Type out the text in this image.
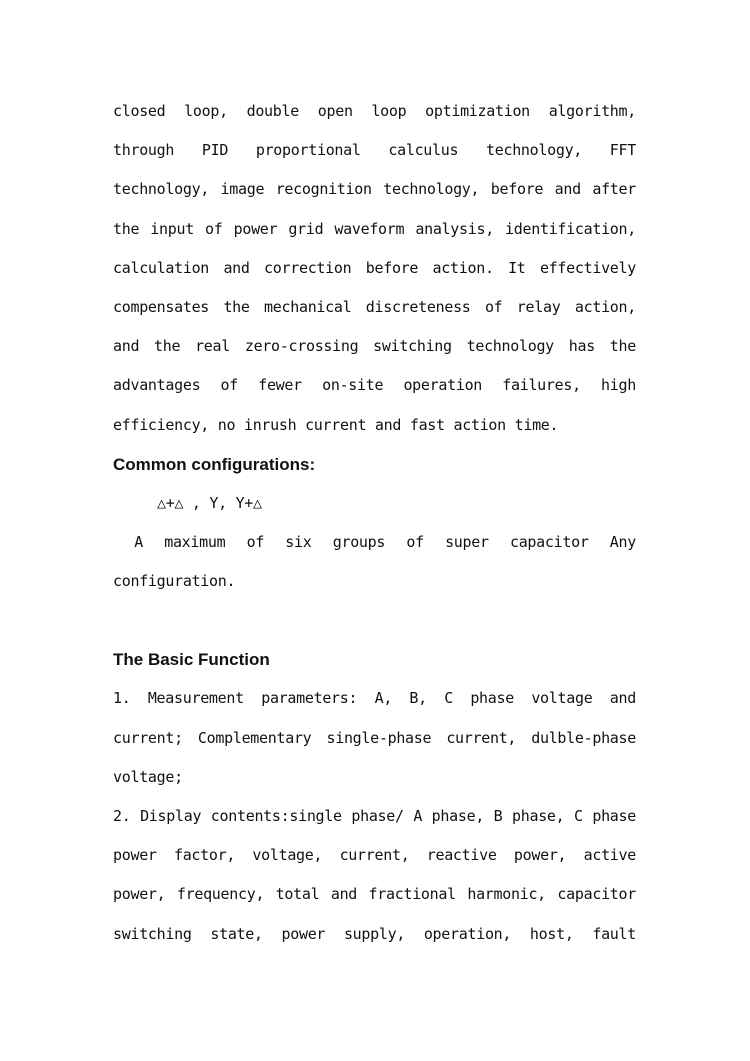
closed loop, double open loop optimization algorithm,

through PID proportional calculus technology, FFT

technology, image recognition technology, before and after

the input of power grid waveform analysis, identification,

calculation and correction before action. It effectively

compensates the mechanical discreteness of relay action,

and the real zero-crossing switching technology has the

advantages of fewer on-site operation failures, high

efficiency, no inrush current and fast action time.

Common configurations:

△+△ , Y, Y+△

A maximum of six groups of super capacitor Any

configuration.

The Basic Function

1. Measurement parameters: A, B, C phase voltage and

current; Complementary single-phase current, dulble-phase

voltage;

2. Display contents:single phase/ A phase, B phase, C phase

power factor, voltage, current, reactive power, active

power, frequency, total and fractional harmonic, capacitor

switching state, power supply, operation, host, fault
